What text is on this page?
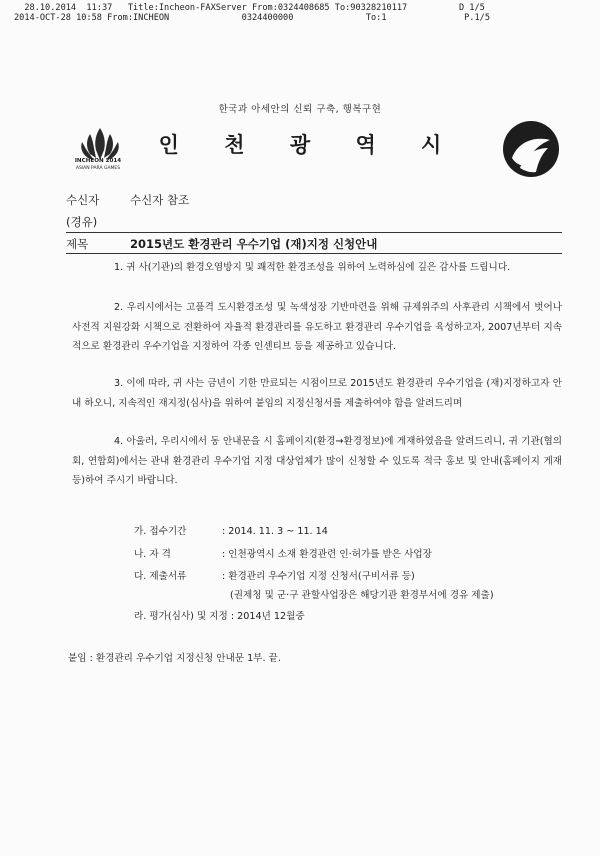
28.10.2014  11:37   Title:Incheon-FAXServer From:0324408685 To:90328210117          D 1/5
2014-OCT-28 10:58 From:INCHEON              0324400000              To:1               P.1/5
한국과 아세안의 신뢰 구축, 행복구현
INCHEON 2014
ASIAN PARA GAMES
인 천 광 역 시
수신자	수신자 참조
(경유)
제목	2015년도 환경관리 우수기업 (재)지정 신청안내
1. 귀 사(기관)의 환경오염방지 및 쾌적한 환경조성을 위하여 노력하심에 깊은 감사를 드립니다.
2. 우리시에서는 고품격 도시환경조성 및 녹색성장 기반마련을 위해 규제위주의 사후관리 시책에서 벗어나 사전적 지원강화 시책으로 전환하여 자율적 환경관리를 유도하고 환경관리 우수기업을 육성하고자, 2007년부터 지속적으로 환경관리 우수기업을 지정하여 각종 인센티브 등을 제공하고 있습니다.
3. 이에 따라, 귀 사는 금년이 기한 만료되는 시점이므로 2015년도 환경관리 우수기업을 (재)지정하고자 안내 하오니, 지속적인 재지정(심사)을 위하여 붙임의 지정신청서를 제출하여야 함을 알려드리며
4. 아울러, 우리시에서 동 안내문을 시 홈페이지(환경→환경정보)에 게재하였음을 알려드리니, 귀 기관(협의회, 연합회)에서는 관내 환경관리 우수기업 지정 대상업체가 많이 신청할 수 있도록 적극 홍보 및 안내(홈페이지 게재 등)하여 주시기 바랍니다.
가. 접수기간	: 2014. 11. 3 ~ 11. 14
나. 자 격	: 인천광역시 소재 환경관련 인·허가를 받은 사업장
다. 제출서류	: 환경관리 우수기업 지정 신청서(구비서류 등)
(권제청 및 군·구 관할사업장은 해당기관 환경부서에 경유 제출)
라. 평가(심사) 및 지정 : 2014년 12월중
붙임 : 환경관리 우수기업 지정신청 안내문 1부. 끝.
